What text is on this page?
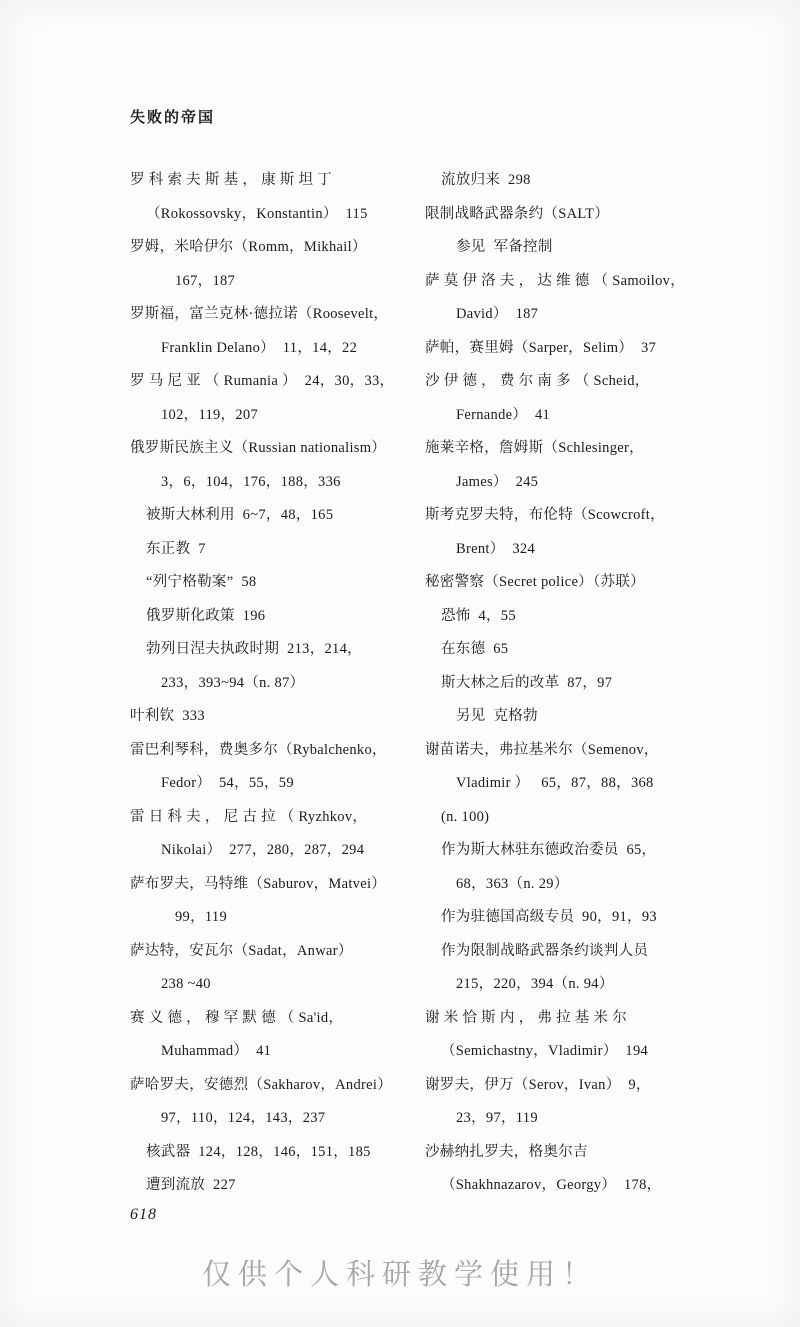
失败的帝国
罗 科 索 夫 斯 基 ， 康 斯 坦 丁
（Rokossovsky，Konstantin）  115
罗姆，米哈伊尔（Romm，Mikhail）
167，187
罗斯福，富兰克林·德拉诺（Roosevelt，
Franklin Delano）  11，14，22
罗 马 尼 亚 （ Rumania ）  24，30，33，
102，119，207
俄罗斯民族主义（Russian nationalism）
3，6，104，176，188，336
被斯大林利用  6~7，48，165
东正教  7
“列宁格勒案”  58
俄罗斯化政策  196
勃列日涅夫执政时期  213，214，
233，393~94（n. 87）
叶利钦  333
雷巴利琴科，费奥多尔（Rybalchenko，
Fedor）  54，55，59
雷 日 科 夫 ， 尼 古 拉 （ Ryzhkov，
Nikolai）  277，280，287，294
萨布罗夫，马特维（Saburov，Matvei）
99，119
萨达特，安瓦尔（Sadat，Anwar）
238 ~40
赛 义 德 ， 穆 罕 默 德 （ Sa'id，
Muhammad）  41
萨哈罗夫，安德烈（Sakharov，Andrei）
97，110，124，143，237
核武器  124，128，146，151，185
遭到流放  227
流放归来  298
限制战略武器条约（SALT）
参见  军备控制
萨 莫 伊 洛 夫 ， 达 维 德 （ Samoilov，
David）  187
萨帕，赛里姆（Sarper，Selim）  37
沙 伊 德 ， 费 尔 南 多 （ Scheid，
Fernande）  41
施莱辛格，詹姆斯（Schlesinger，
James）  245
斯考克罗夫特，布伦特（Scowcroft，
Brent）  324
秘密警察（Secret police）（苏联）
恐怖  4，55
在东德  65
斯大林之后的改革  87，97
另见  克格勃
谢苗诺夫，弗拉基米尔（Semenov，
Vladimir ）   65，87，88，368
(n. 100)
作为斯大林驻东德政治委员  65，
68，363（n. 29）
作为驻德国高级专员  90，91，93
作为限制战略武器条约谈判人员
215，220，394（n. 94）
谢 米 恰 斯 内 ， 弗 拉 基 米 尔
（Semichastny，Vladimir）  194
谢罗夫，伊万（Serov，Ivan）  9，
23，97，119
沙赫纳扎罗夫，格奥尔吉
（Shakhnazarov，Georgy）  178，
618
仅供个人科研教学使用！
